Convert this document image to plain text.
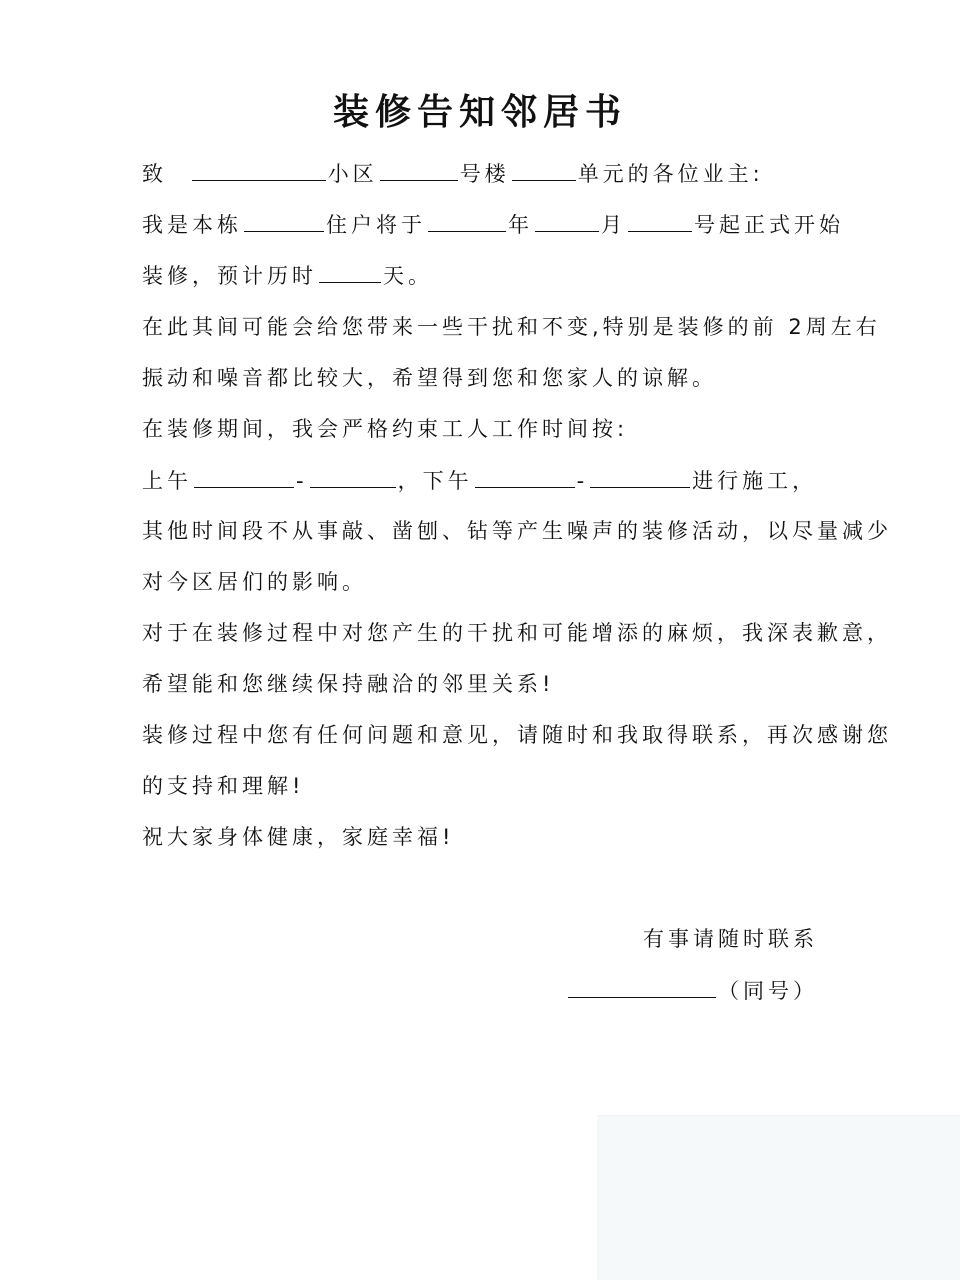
装修告知邻居书
致	小区	号楼	单元的各位业主:
我是本栋	住户将于	年	月	号起正式开始
装修，预计历时	天。
在此其间可能会给您带来一些干扰和不变,特别是装修的前 2周左右
振动和噪音都比较大，希望得到您和您家人的谅解。
在装修期间，我会严格约束工人工作时间按:
上午	-	，下午	-	进行施工，
其他时间段不从事敲、凿刨、钻等产生噪声的装修活动，以尽量减少
对今区居们的影响。
对于在装修过程中对您产生的干扰和可能增添的麻烦，我深表歉意，
希望能和您继续保持融洽的邻里关系!
装修过程中您有任何问题和意见，请随时和我取得联系，再次感谢您
的支持和理解!
祝大家身体健康，家庭幸福!
有事请随时联系
（同号）
